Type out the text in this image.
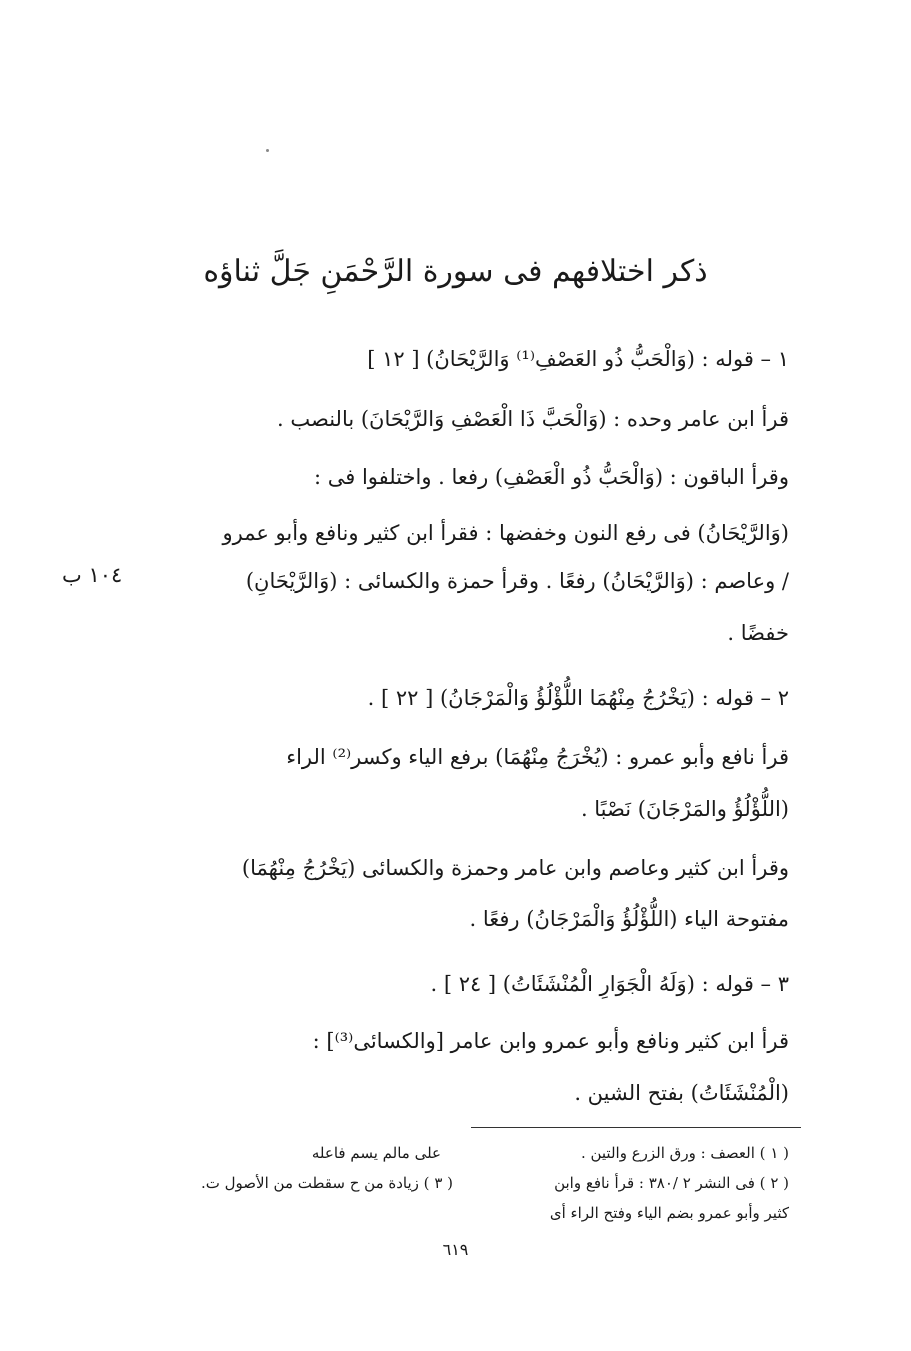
ذكر اختلافهم فى سورة الرَّحْمَنِ جَلَّ ثناؤه
١ – قوله : (وَالْحَبُّ ذُو العَصْفِ⁽¹⁾ وَالرَّيْحَانُ) [ ١٢ ]
قرأ ابن عامر وحده : (وَالْحَبَّ ذَا الْعَصْفِ وَالرَّيْحَانَ) بالنصب .
وقرأ الباقون : (وَالْحَبُّ ذُو الْعَصْفِ) رفعا . واختلفوا فى :
(وَالرَّيْحَانُ) فى رفع النون وخفضها : فقرأ ابن كثير ونافع وأبو عمرو
/ وعاصم : (وَالرَّيْحَانُ) رفعًا . وقرأ حمزة والكسائى : (وَالرَّيْحَانِ)
خفضًا .
١٠٤ ب
٢ – قوله : (يَخْرُجُ مِنْهُمَا اللُّؤْلُؤُ وَالْمَرْجَانُ) [ ٢٢ ] .
قرأ نافع وأبو عمرو : (يُخْرَجُ مِنْهُمَا) برفع الياء وكسر⁽²⁾ الراء
(اللُّؤْلُؤُ والمَرْجَانَ) نَصْبًا .
وقرأ ابن كثير وعاصم وابن عامر وحمزة والكسائى (يَخْرُجُ مِنْهُمَا)
مفتوحة الياء (اللُّؤْلُؤُ وَالْمَرْجَانُ) رفعًا .
٣ – قوله : (وَلَهُ الْجَوَارِ الْمُنْشَئَاتُ) [ ٢٤ ] .
قرأ ابن كثير ونافع وأبو عمرو وابن عامر [والكسائى⁽³⁾] :
(الْمُنْشَئَاتُ) بفتح الشين .
( ١ ) العصف : ورق الزرع والتين .
على مالم يسم فاعله
( ٢ ) فى النشر ٢ /٣٨٠ : قرأ نافع وابن
( ٣ ) زيادة من ح سقطت من الأصول ت.
كثير وأبو عمرو بضم الياء وفتح الراء أى
٦١٩
